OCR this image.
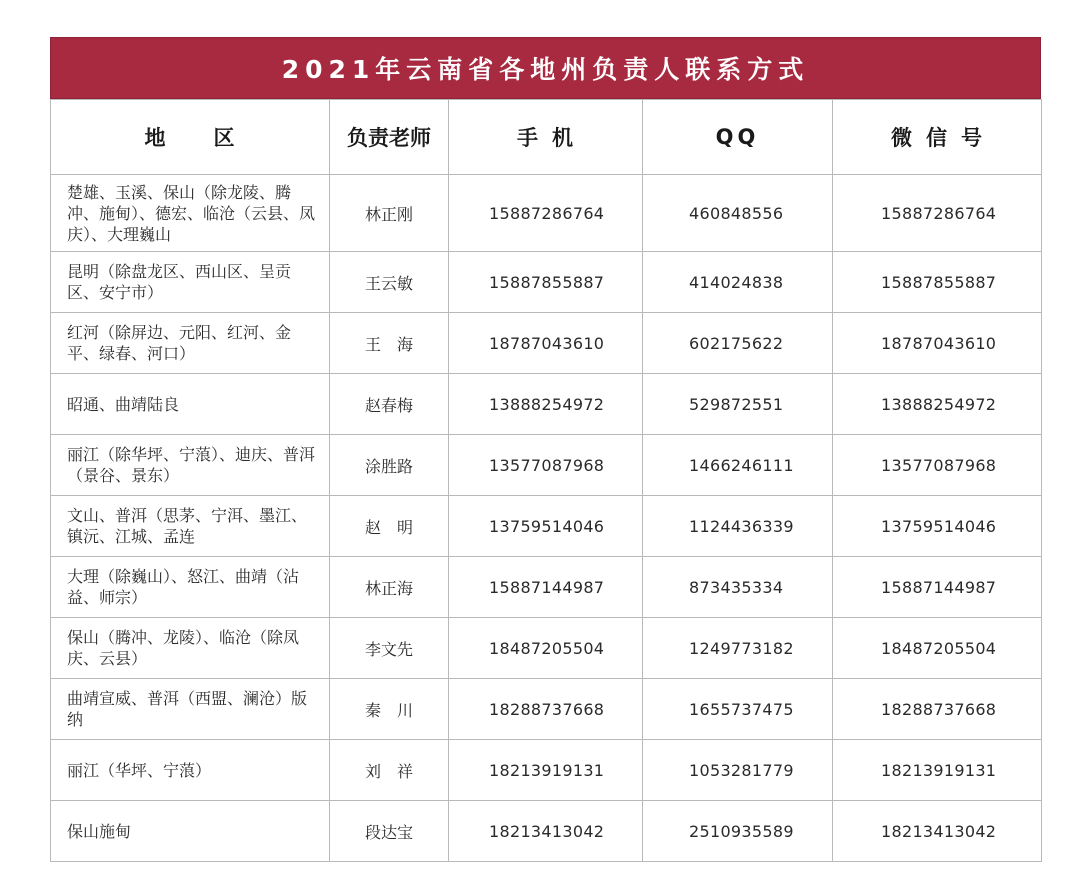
2021年云南省各地州负责人联系方式
地区	负责老师	手机	QQ	微信号
楚雄、玉溪、保山（除龙陵、腾冲、施甸）、德宏、临沧（云县、凤庆）、大理巍山	林正刚	15887286764	460848556	15887286764
昆明（除盘龙区、西山区、呈贡区、安宁市）	王云敏	15887855887	414024838	15887855887
红河（除屏边、元阳、红河、金平、绿春、河口）	王　海	18787043610	602175622	18787043610
昭通、曲靖陆良	赵春梅	13888254972	529872551	13888254972
丽江（除华坪、宁蒗）、迪庆、普洱（景谷、景东）	涂胜路	13577087968	1466246111	13577087968
文山、普洱（思茅、宁洱、墨江、镇沅、江城、孟连	赵　明	13759514046	1124436339	13759514046
大理（除巍山）、怒江、曲靖（沾益、师宗）	林正海	15887144987	873435334	15887144987
保山（腾冲、龙陵）、临沧（除凤庆、云县）	李文先	18487205504	1249773182	18487205504
曲靖宣威、普洱（西盟、澜沧）版纳	秦　川	18288737668	1655737475	18288737668
丽江（华坪、宁蒗）	刘　祥	18213919131	1053281779	18213919131
保山施甸	段达宝	18213413042	2510935589	18213413042
